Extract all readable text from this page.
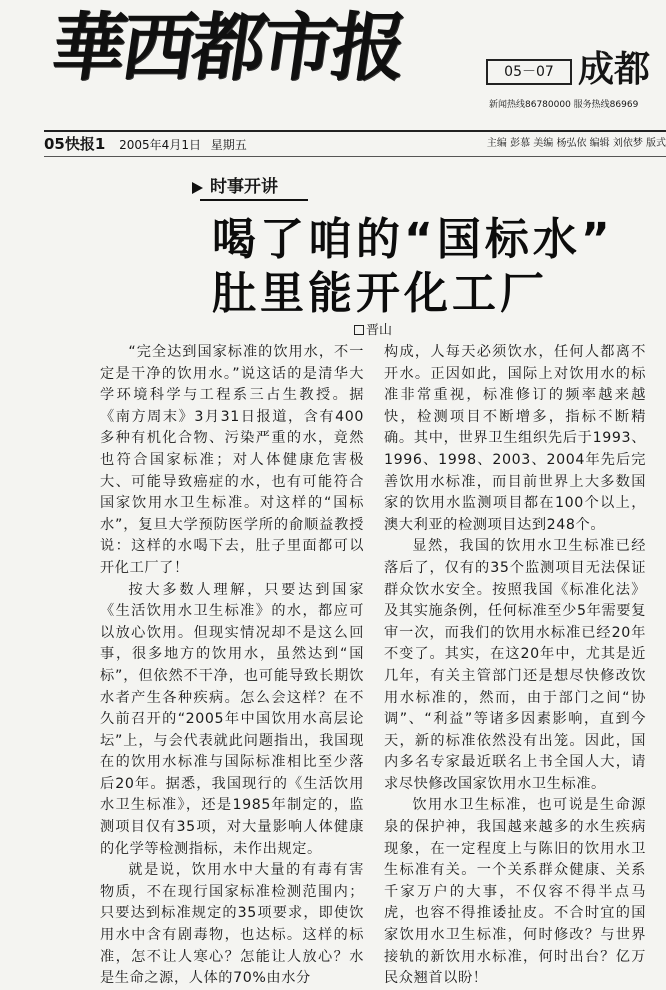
華西都市报	05－07 成都
新闻热线86780000 服务热线86969
05快报1 2005年4月1日 星期五	主编 彭慕 美编 杨弘依 编辑 刘依梦 版式
时事开讲
喝了咱的“国标水”
肚里能开化工厂
晋山

“完全达到国家标准的饮用水，不一定是干净的饮用水。”说这话的是清华大学环境科学与工程系三占生教授。据《南方周末》3月31日报道，含有400多种有机化合物、污染严重的水，竟然也符合国家标准；对人体健康危害极大、可能导致癌症的水，也有可能符合国家饮用水卫生标准。对这样的“国标水”，复旦大学预防医学所的俞顺益教授说：这样的水喝下去，肚子里面都可以开化工厂了！

按大多数人理解，只要达到国家《生活饮用水卫生标准》的水，都应可以放心饮用。但现实情况却不是这么回事，很多地方的饮用水，虽然达到“国标”，但依然不干净，也可能导致长期饮水者产生各种疾病。怎么会这样？在不久前召开的“2005年中国饮用水高层论坛”上，与会代表就此问题指出，我国现在的饮用水标准与国际标准相比至少落后20年。据悉，我国现行的《生活饮用水卫生标准》，还是1985年制定的，监测项目仅有35项，对大量影响人体健康的化学等检测指标，未作出规定。

就是说，饮用水中大量的有毒有害物质，不在现行国家标准检测范围内；只要达到标准规定的35项要求，即使饮用水中含有剧毒物，也达标。这样的标准，怎不让人寒心？怎能让人放心？水是生命之源，人体的70%由水分

构成，人每天必须饮水，任何人都离不开水。正因如此，国际上对饮用水的标准非常重视，标准修订的频率越来越快，检测项目不断增多，指标不断精确。其中，世界卫生组织先后于1993、1996、1998、2003、2004年先后完善饮用水标准，而目前世界上大多数国家的饮用水监测项目都在100个以上，澳大利亚的检测项目达到248个。

显然，我国的饮用水卫生标准已经落后了，仅有的35个监测项目无法保证群众饮水安全。按照我国《标准化法》及其实施条例，任何标准至少5年需要复审一次，而我们的饮用水标准已经20年不变了。其实，在这20年中，尤其是近几年，有关主管部门还是想尽快修改饮用水标准的，然而，由于部门之间“协调”、“利益”等诸多因素影响，直到今天，新的标准依然没有出笼。因此，国内多名专家最近联名上书全国人大，请求尽快修改国家饮用水卫生标准。

饮用水卫生标准，也可说是生命源泉的保护神，我国越来越多的水生疾病现象，在一定程度上与陈旧的饮用水卫生标准有关。一个关系群众健康、关系千家万户的大事，不仅容不得半点马虎，也容不得推诿扯皮。不合时宜的国家饮用水卫生标准，何时修改？与世界接轨的新饮用水标准，何时出台？亿万民众翘首以盼！
